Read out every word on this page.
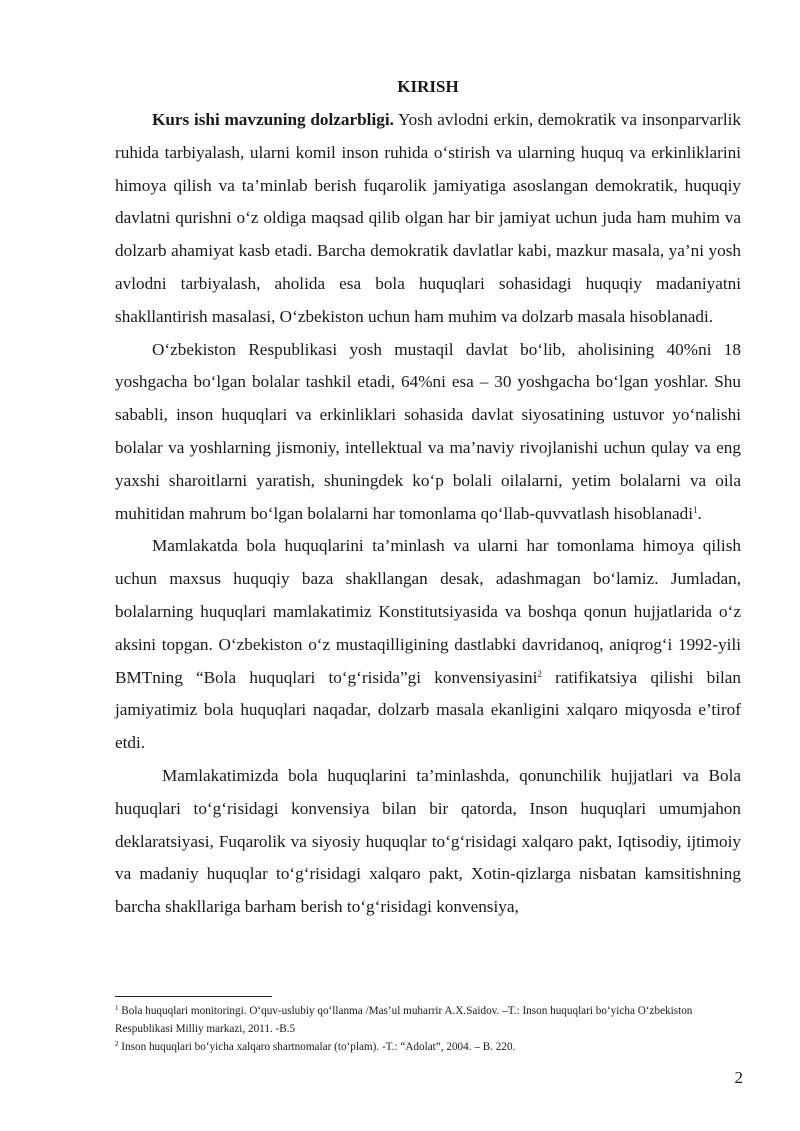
KIRISH

Kurs ishi mavzuning dolzarbligi. Yosh avlodni erkin, demokratik va insonparvarlik ruhida tarbiyalash, ularni komil inson ruhida o‘stirish va ularning huquq va erkinliklarini himoya qilish va ta’minlab berish fuqarolik jamiyatiga asoslangan demokratik, huquqiy davlatni qurishni o‘z oldiga maqsad qilib olgan har bir jamiyat uchun juda ham muhim va dolzarb ahamiyat kasb etadi. Barcha demokratik davlatlar kabi, mazkur masala, ya’ni yosh avlodni tarbiyalash, aholida esa bola huquqlari sohasidagi huquqiy madaniyatni shakllantirish masalasi, O‘zbekiston uchun ham muhim va dolzarb masala hisoblanadi.

O‘zbekiston Respublikasi yosh mustaqil davlat bo‘lib, aholisining 40%ni 18 yoshgacha bo‘lgan bolalar tashkil etadi, 64%ni esa – 30 yoshgacha bo‘lgan yoshlar. Shu sababli, inson huquqlari va erkinliklari sohasida davlat siyosatining ustuvor yo‘nalishi bolalar va yoshlarning jismoniy, intellektual va ma’naviy rivojlanishi uchun qulay va eng yaxshi sharoitlarni yaratish, shuningdek ko‘p bolali oilalarni, yetim bolalarni va oila muhitidan mahrum bo‘lgan bolalarni har tomonlama qo‘llab-quvvatlash hisoblanadi$^1$.

Mamlakatda bola huquqlarini ta’minlash va ularni har tomonlama himoya qilish uchun maxsus huquqiy baza shakllangan desak, adashmagan bo‘lamiz. Jumladan, bolalarning huquqlari mamlakatimiz Konstitutsiyasida va boshqa qonun hujjatlarida o‘z aksini topgan. O‘zbekiston o‘z mustaqilligining dastlabki davridanoq, aniqrog‘i 1992-yili BMTning “Bola huquqlari to‘g‘risida”gi konvensiyasini$^2$ ratifikatsiya qilishi bilan jamiyatimiz bola huquqlari naqadar, dolzarb masala ekanligini xalqaro miqyosda e’tirof etdi.

Mamlakatimizda bola huquqlarini ta’minlashda, qonunchilik hujjatlari va Bola huquqlari to‘g‘risidagi konvensiya bilan bir qatorda, Inson huquqlari umumjahon deklaratsiyasi, Fuqarolik va siyosiy huquqlar to‘g‘risidagi xalqaro pakt, Iqtisodiy, ijtimoiy va madaniy huquqlar to‘g‘risidagi xalqaro pakt, Xotin-qizlarga nisbatan kamsitishning barcha shakllariga barham berish to‘g‘risidagi konvensiya,

$^1$ Bola huquqlari monitoringi. O‘quv-uslubiy qo‘llanma /Mas’ul muharrir A.X.Saidov. –T.: Inson huquqlari bo‘yicha O‘zbekiston Respublikasi Milliy markazi, 2011. -B.5

$^2$ Inson huquqlari bo‘yicha xalqaro shartnomalar (to‘plam). -T.: “Adolat”, 2004. – B. 220.

2
